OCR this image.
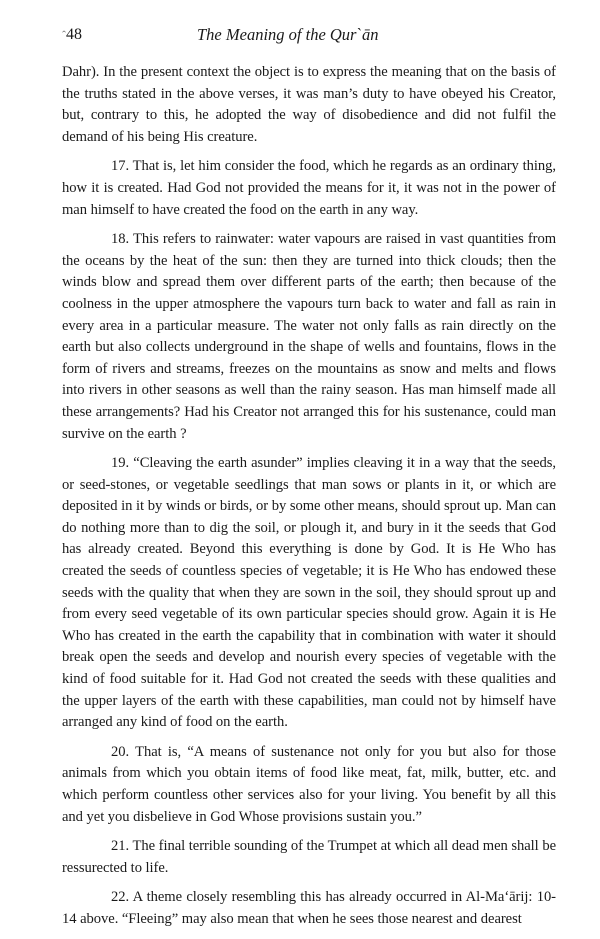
$^ˆ$48	The Meaning of the Qurˋān

Dahr). In the present context the object is to express the meaning that on the basis of the truths stated in the above verses, it was man’s duty to have obeyed his Creator, but, contrary to this, he adopted the way of disobedience and did not fulfil the demand of his being His creature.

17. That is, let him consider the food, which he regards as an ordinary thing, how it is created. Had God not provided the means for it, it was not in the power of man himself to have created the food on the earth in any way.

18. This refers to rainwater: water vapours are raised in vast quantities from the oceans by the heat of the sun: then they are turned into thick clouds; then the winds blow and spread them over different parts of the earth; then because of the coolness in the upper atmosphere the vapours turn back to water and fall as rain in every area in a particular measure. The water not only falls as rain directly on the earth but also collects underground in the shape of wells and fountains, flows in the form of rivers and streams, freezes on the mountains as snow and melts and flows into rivers in other seasons as well than the rainy season. Has man himself made all these arrangements? Had his Creator not arranged this for his sustenance, could man survive on the earth ?

19. “Cleaving the earth asunder” implies cleaving it in a way that the seeds, or seed-stones, or vegetable seedlings that man sows or plants in it, or which are deposited in it by winds or birds, or by some other means, should sprout up. Man can do nothing more than to dig the soil, or plough it, and bury in it the seeds that God has already created. Beyond this everything is done by God. It is He Who has created the seeds of countless species of vegetable; it is He Who has endowed these seeds with the quality that when they are sown in the soil, they should sprout up and from every seed vegetable of its own particular species should grow. Again it is He Who has created in the earth the capability that in combination with water it should break open the seeds and develop and nourish every species of vegetable with the kind of food suitable for it. Had God not created the seeds with these qualities and the upper layers of the earth with these capabilities, man could not by himself have arranged any kind of food on the earth.

20. That is, “A means of sustenance not only for you but also for those animals from which you obtain items of food like meat, fat, milk, butter, etc. and which perform countless other services also for your living. You benefit by all this and yet you disbelieve in God Whose provisions sustain you.”

21. The final terrible sounding of the Trumpet at which all dead men shall be ressurected to life.

22. A theme closely resembling this has already occurred in Al-Ma‘ārij: 10-14 above. “Fleeing” may also mean that when he sees those nearest and dearest
